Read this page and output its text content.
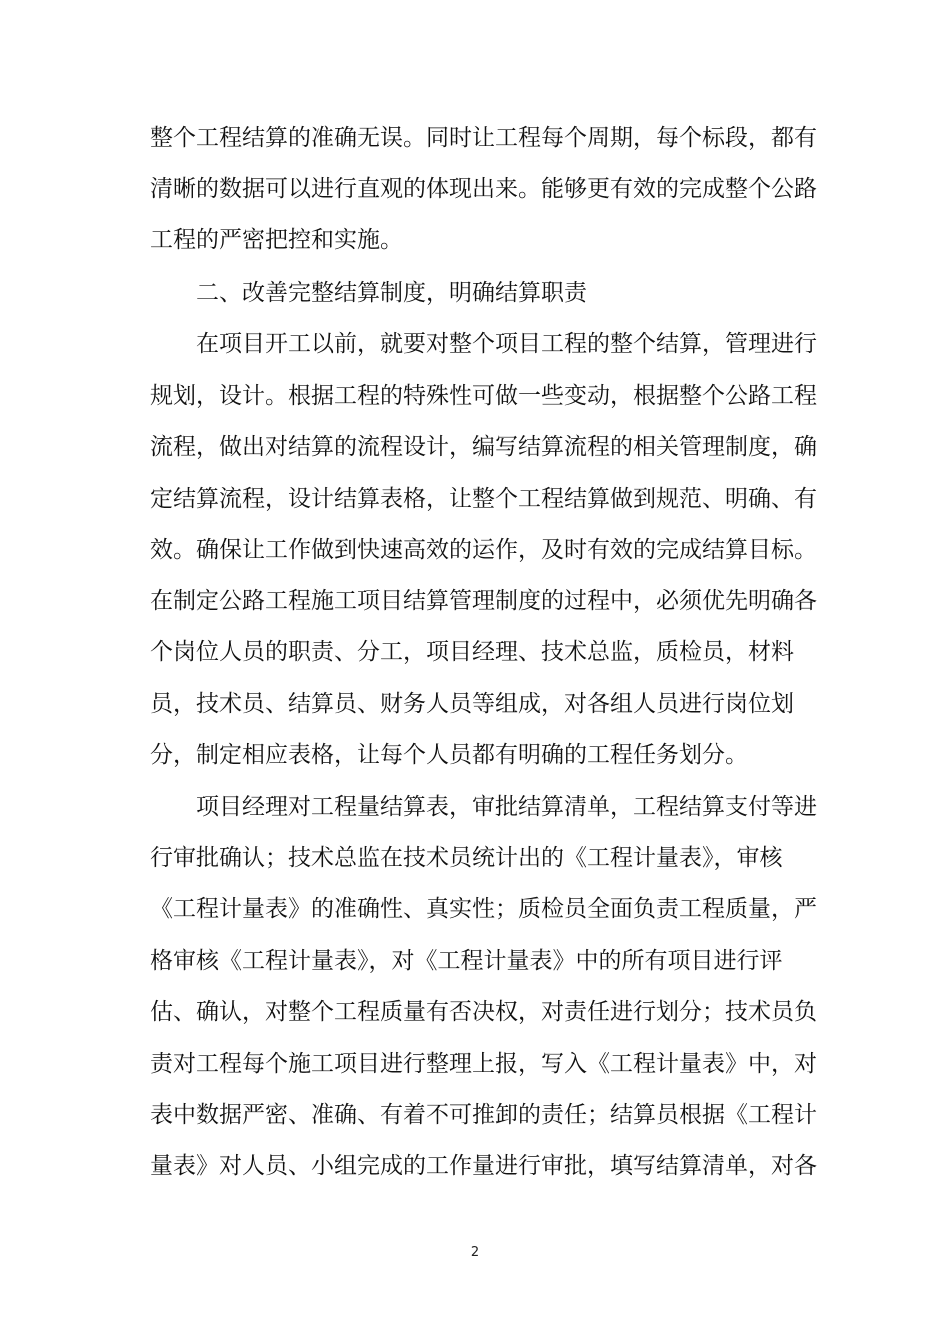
整个工程结算的准确无误。同时让工程每个周期，每个标段，都有
清晰的数据可以进行直观的体现出来。能够更有效的完成整个公路
工程的严密把控和实施。
二、改善完整结算制度，明确结算职责
在项目开工以前，就要对整个项目工程的整个结算，管理进行
规划，设计。根据工程的特殊性可做一些变动，根据整个公路工程
流程，做出对结算的流程设计，编写结算流程的相关管理制度，确
定结算流程，设计结算表格，让整个工程结算做到规范、明确、有
效。确保让工作做到快速高效的运作，及时有效的完成结算目标。
在制定公路工程施工项目结算管理制度的过程中，必须优先明确各
个岗位人员的职责、分工，项目经理、技术总监，质检员，材料
员，技术员、结算员、财务人员等组成，对各组人员进行岗位划
分，制定相应表格，让每个人员都有明确的工程任务划分。
项目经理对工程量结算表，审批结算清单，工程结算支付等进
行审批确认；技术总监在技术员统计出的《工程计量表》，审核
《工程计量表》的准确性、真实性；质检员全面负责工程质量，严
格审核《工程计量表》，对《工程计量表》中的所有项目进行评
估、确认，对整个工程质量有否决权，对责任进行划分；技术员负
责对工程每个施工项目进行整理上报，写入《工程计量表》中，对
表中数据严密、准确、有着不可推卸的责任；结算员根据《工程计
量表》对人员、小组完成的工作量进行审批，填写结算清单，对各
2
